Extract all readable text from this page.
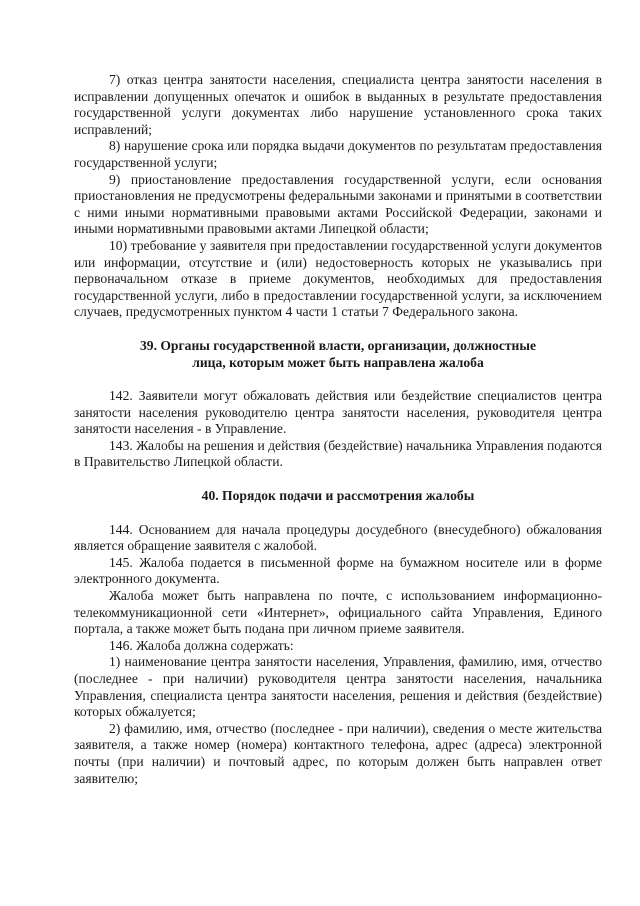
7) отказ центра занятости населения, специалиста центра занятости населения в исправлении допущенных опечаток и ошибок в выданных в результате предоставления государственной услуги документах либо нарушение установленного срока таких исправлений;

8) нарушение срока или порядка выдачи документов по результатам предоставления государственной услуги;

9) приостановление предоставления государственной услуги, если основания приостановления не предусмотрены федеральными законами и принятыми в соответствии с ними иными нормативными правовыми актами Российской Федерации, законами и иными нормативными правовыми актами Липецкой области;

10) требование у заявителя при предоставлении государственной услуги документов или информации, отсутствие и (или) недостоверность которых не указывались при первоначальном отказе в приеме документов, необходимых для предоставления государственной услуги, либо в предоставлении государственной услуги, за исключением случаев, предусмотренных пунктом 4 части 1 статьи 7 Федерального закона.

39. Органы государственной власти, организации, должностные
лица, которым может быть направлена жалоба

142. Заявители могут обжаловать действия или бездействие специалистов центра занятости населения руководителю центра занятости населения, руководителя центра занятости населения - в Управление.

143. Жалобы на решения и действия (бездействие) начальника Управления подаются в Правительство Липецкой области.

40. Порядок подачи и рассмотрения жалобы

144. Основанием для начала процедуры досудебного (внесудебного) обжалования является обращение заявителя с жалобой.

145. Жалоба подается в письменной форме на бумажном носителе или в форме электронного документа.

Жалоба может быть направлена по почте, с использованием информационно-телекоммуникационной сети «Интернет», официального сайта Управления, Единого портала, а также может быть подана при личном приеме заявителя.

146. Жалоба должна содержать:

1) наименование центра занятости населения, Управления, фамилию, имя, отчество (последнее - при наличии) руководителя центра занятости населения, начальника Управления, специалиста центра занятости населения, решения и действия (бездействие) которых обжалуется;

2) фамилию, имя, отчество (последнее - при наличии), сведения о месте жительства заявителя, а также номер (номера) контактного телефона, адрес (адреса) электронной почты (при наличии) и почтовый адрес, по которым должен быть направлен ответ заявителю;
